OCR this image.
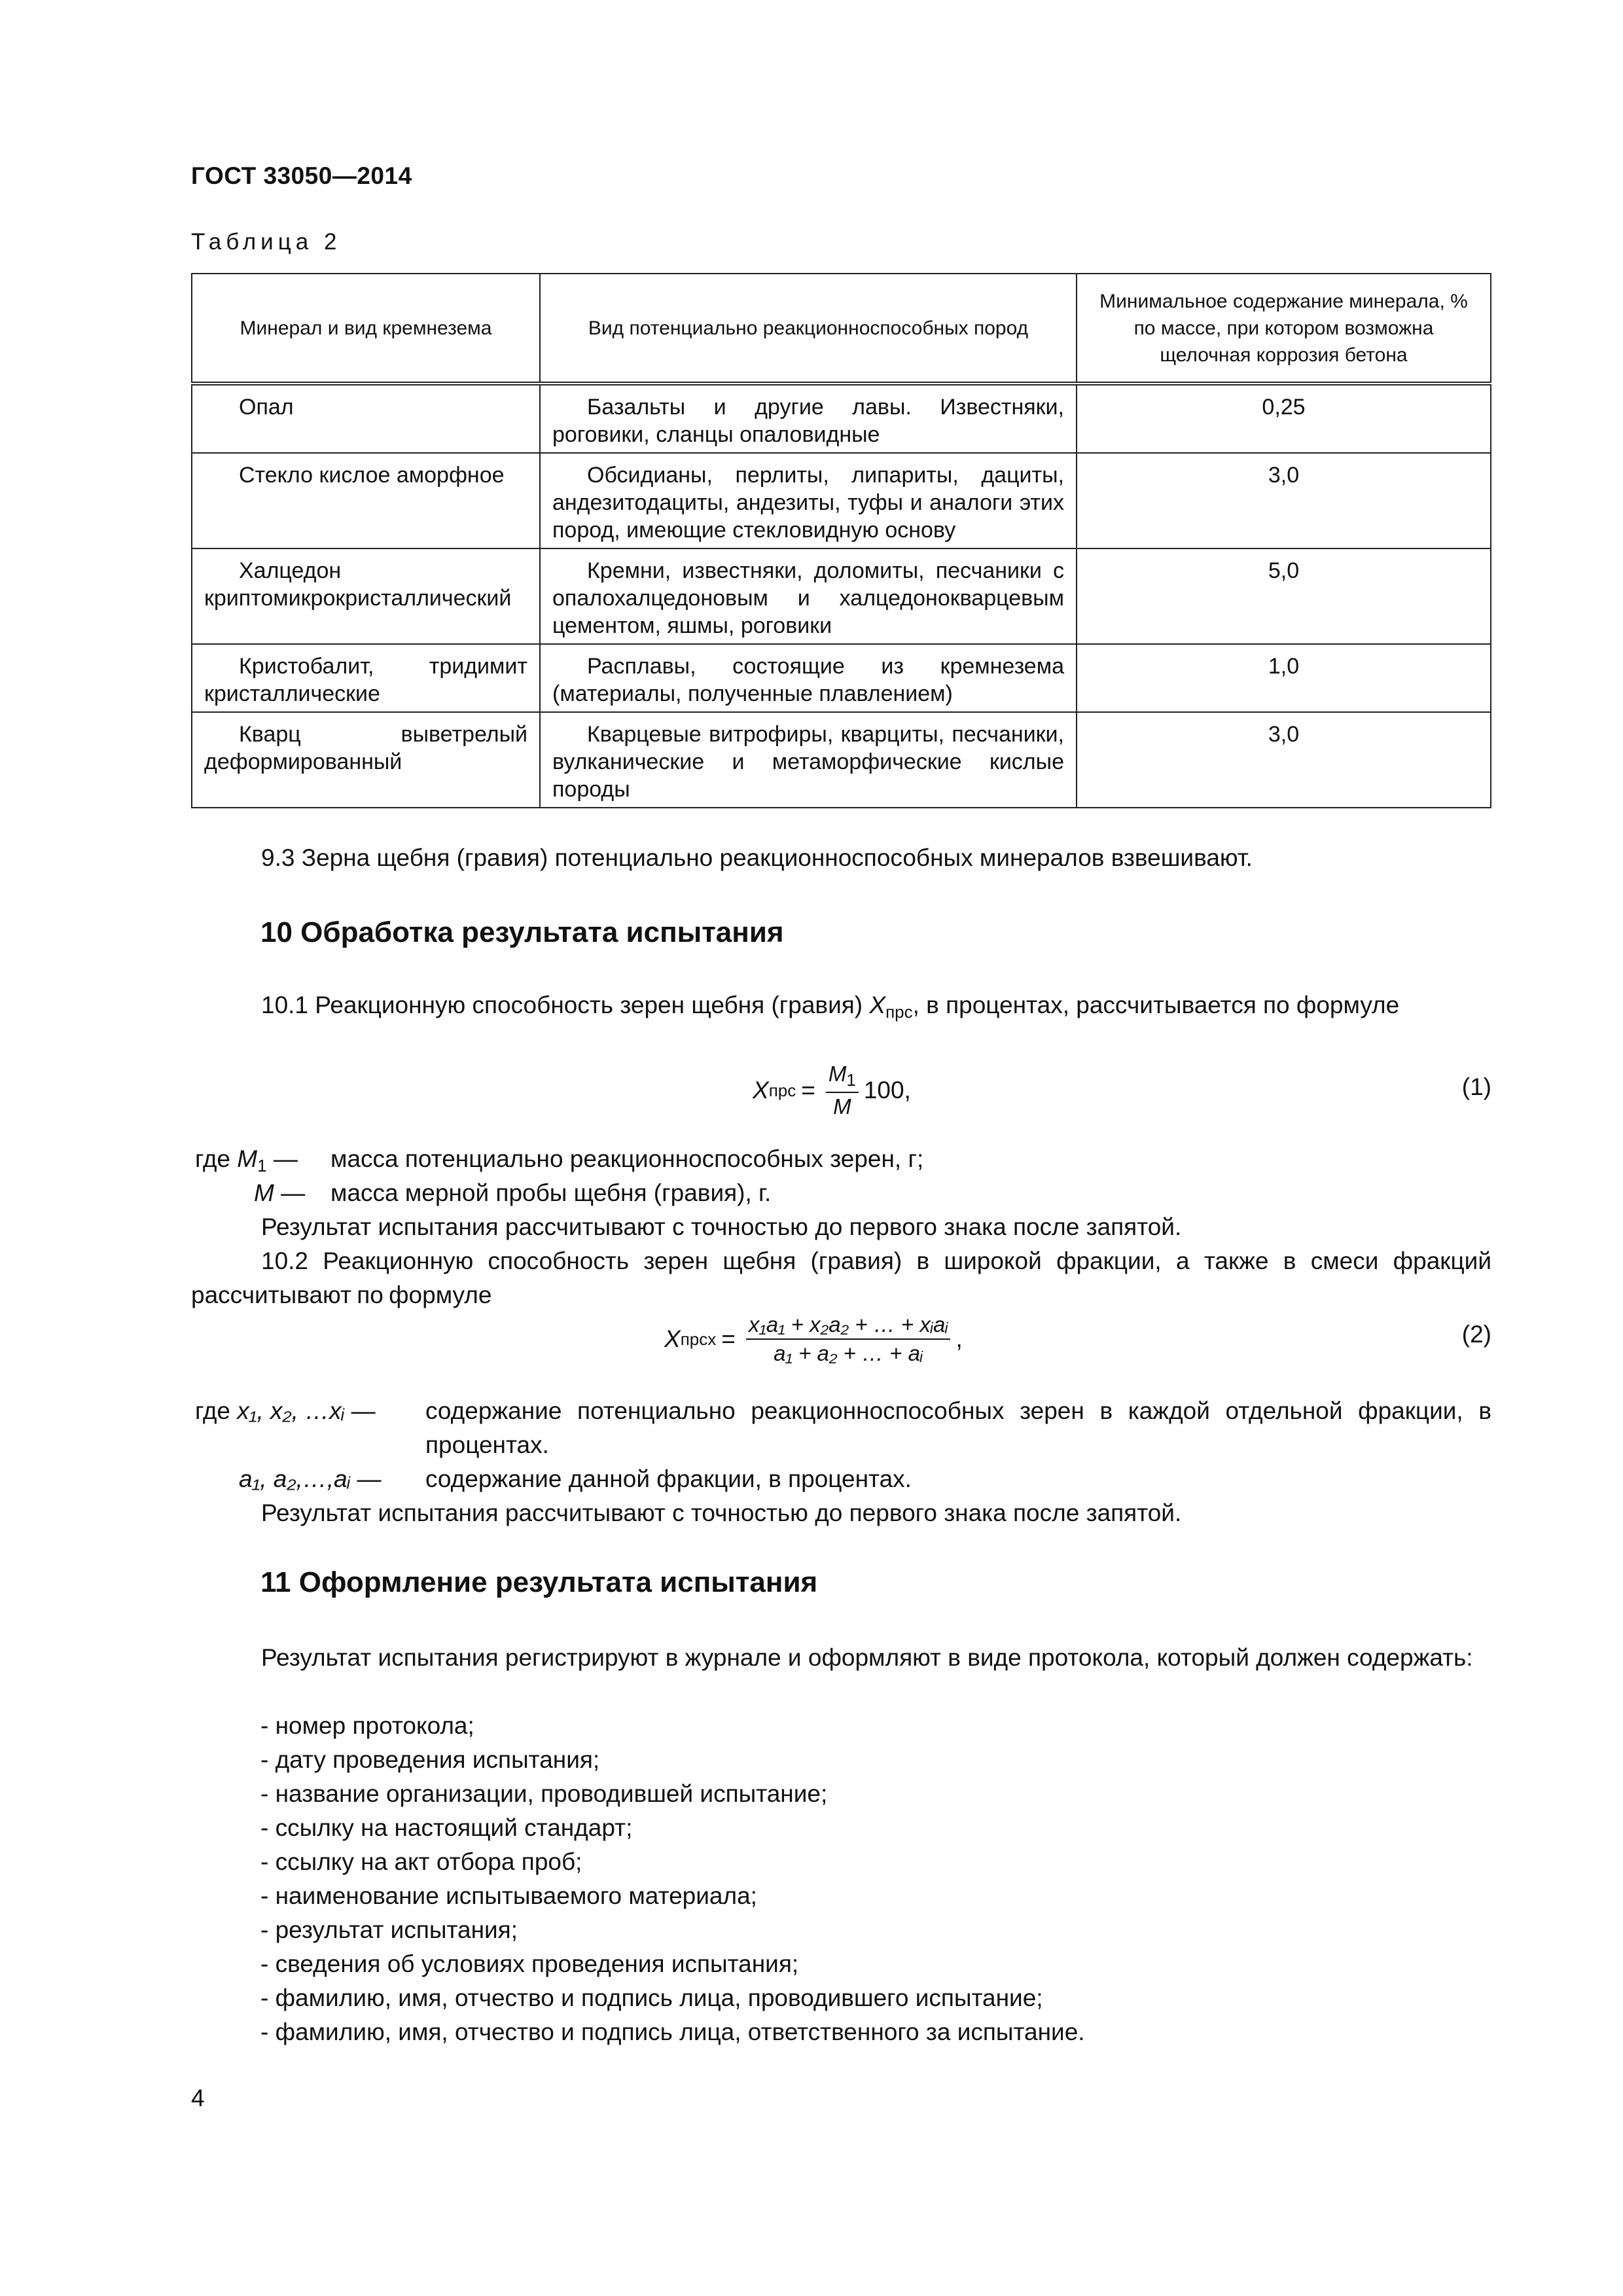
ГОСТ 33050—2014
Таблица 2
Минерал и вид кремнезема	Вид потенциально реакционноспособных пород	Минимальное содержание минерала, % по массе, при котором возможна щелочная коррозия бетона
Опал	Базальты и другие лавы. Известняки, роговики, сланцы опаловидные	0,25
Стекло кислое аморфное	Обсидианы, перлиты, липариты, дациты, андезитодациты, андезиты, туфы и аналоги этих пород, имеющие стекловидную основу	3,0
Халцедон криптомикрокристаллический	Кремни, известняки, доломиты, песчаники с опалохалцедоновым и халцедонокварцевым цементом, яшмы, роговики	5,0
Кристобалит, тридимит кристаллические	Расплавы, состоящие из кремнезема (материалы, полученные плавлением)	1,0
Кварц выветрелый деформированный	Кварцевые витрофиры, кварциты, песчаники, вулканические и метаморфические кислые породы	3,0
9.3 Зерна щебня (гравия) потенциально реакционноспособных минералов взвешивают.
10 Обработка результата испытания
10.1 Реакционную способность зерен щебня (гравия) $X_{прс}$, в процентах, рассчитывается по формуле
X прс = $\frac{M_1}{M} 100$,	(1)
где $M_1$ — масса потенциально реакционноспособных зерен, г;
M — масса мерной пробы щебня (гравия), г.
Результат испытания рассчитывают с точностью до первого знака после запятой.
10.2 Реакционную способность зерен щебня (гравия) в широкой фракции, а также в смеси фракций рассчитывают по формуле
X прсх = $\frac{\text{x₁a₁ + x₂a₂ + … + xᵢaᵢ}}{\text{a₁ + a₂ + … + aᵢ}}$ ,	(2)
где x₁, x₂, …xᵢ — содержание потенциально реакционноспособных зерен в каждой отдельной фракции, в процентах.
a₁, a₂,…,aᵢ — содержание данной фракции, в процентах.
Результат испытания рассчитывают с точностью до первого знака после запятой.
11 Оформление результата испытания
Результат испытания регистрируют в журнале и оформляют в виде протокола, который должен содержать:
- номер протокола;
- дату проведения испытания;
- название организации, проводившей испытание;
- ссылку на настоящий стандарт;
- ссылку на акт отбора проб;
- наименование испытываемого материала;
- результат испытания;
- сведения об условиях проведения испытания;
- фамилию, имя, отчество и подпись лица, проводившего испытание;
- фамилию, имя, отчество и подпись лица, ответственного за испытание.
4
